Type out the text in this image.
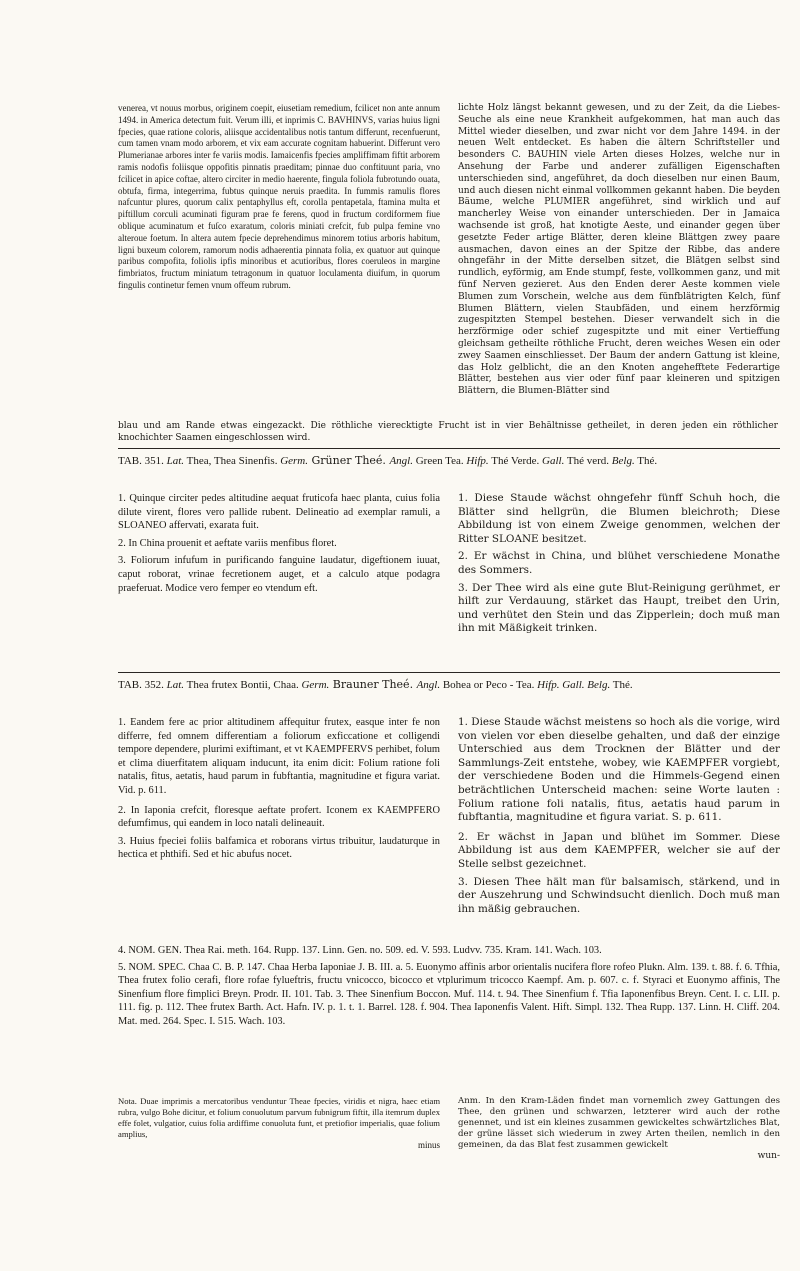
venerea, vt nouus morbus, originem coepit, eiusetiam remedium, fcilicet non ante annum 1494. in America detectum fuit. Verum illi, et inprimis C. BAVHINVS, varias huius ligni fpecies, quae ratione coloris, aliisque accidentalibus notis tantum differunt, recenfuerunt, cum tamen vnam modo arborem, et vix eam accurate cognitam habuerint. Differunt vero Plumerianae arbores inter fe variis modis. Iamaicenfis fpecies ampliffimam fiftit arborem ramis nodofis foliisque oppofitis pinnatis praeditam; pinnae duo conftituunt paria, vno fcilicet in apice coftae, altero circiter in medio haerente, fingula foliola fubrotundo ouata, obtufa, firma, integerrima, fubtus quinque neruis praedita. In fummis ramulis flores nafcuntur plures, quorum calix pentaphyllus eft, corolla pentapetala, ftamina multa et piftillum corculi acuminati figuram prae fe ferens, quod in fructum cordiformem fiue oblique acuminatum et fuſco exaratum, coloris miniati crefcit, fub pulpa femine vno alteroue foetum. In altera autem fpecie deprehendimus minorem totius arboris habitum, ligni buxeum colorem, ramorum nodis adhaerentia pinnata folia, ex quatuor aut quinque paribus compofita, foliolis ipfis minoribus et acutioribus, flores coeruleos in margine fimbriatos, fructum miniatum tetragonum in quatuor loculamenta diuifum, in quorum fingulis continetur femen vnum offeum rubrum.

lichte Holz längst bekannt gewesen, und zu der Zeit, da die Liebes-Seuche als eine neue Krankheit aufgekommen, hat man auch das Mittel wieder dieselben, und zwar nicht vor dem Jahre 1494. in der neuen Welt entdecket. Es haben die ältern Schriftsteller und besonders C. BAUHIN viele Arten dieses Holzes, welche nur in Ansehung der Farbe und anderer zufälligen Eigenschaften unterschieden sind, angeführet, da doch dieselben nur einen Baum, und auch diesen nicht einmal vollkommen gekannt haben. Die beyden Bäume, welche PLUMIER angeführet, sind wirklich und auf mancherley Weise von einander unterschieden. Der in Jamaica wachsende ist groß, hat knotigte Aeste, und einander gegen über gesetzte Feder artige Blätter, deren kleine Blättgen zwey paare ausmachen, davon eines an der Spitze der Ribbe, das andere ohngefähr in der Mitte derselben sitzet, die Blätgen selbst sind rundlich, eyförmig, am Ende stumpf, feste, vollkommen ganz, und mit fünf Nerven gezieret. Aus den Enden derer Aeste kommen viele Blumen zum Vorschein, welche aus dem fünfblätrigten Kelch, fünf Blumen Blättern, vielen Staubfäden, und einem herzförmig zugespitzten Stempel bestehen. Dieser verwandelt sich in die herzförmige oder schief zugespitzte und mit einer Vertieffung gleichsam getheilte röthliche Frucht, deren weiches Wesen ein oder zwey Saamen einschliesset. Der Baum der andern Gattung ist kleine, das Holz gelblicht, die an den Knoten angehefftete Federartige Blätter, bestehen aus vier oder fünf paar kleineren und spitzigen Blättern, die Blumen-Blätter sind

blau und am Rande etwas eingezackt. Die röthliche vierecktigte Frucht ist in vier Behältnisse getheilet, in deren jeden ein röthlicher knochichter Saamen eingeschlossen wird.

TAB. 351. Lat. Thea, Thea Sinenfis. Germ. Grüner Theé. Angl. Green Tea. Hifp. Thé Verde. Gall. Thé verd. Belg. Thé.

1. Quinque circiter pedes altitudine aequat fruticofa haec planta, cuius folia dilute virent, flores vero pallide rubent. Delineatio ad exemplar ramuli, a SLOANEO affervati, exarata fuit.

2. In China prouenit et aeftate variis menfibus floret.

3. Foliorum infufum in purificando fanguine laudatur, digeftionem iuuat, caput roborat, vrinae fecretionem auget, et a calculo atque podagra praeferuat. Modice vero femper eo vtendum eft.

1. Diese Staude wächst ohngefehr fünff Schuh hoch, die Blätter sind hellgrün, die Blumen bleichroth; Diese Abbildung ist von einem Zweige genommen, welchen der Ritter SLOANE besitzet.

2. Er wächst in China, und blühet verschiedene Monathe des Sommers.

3. Der Thee wird als eine gute Blut-Reinigung gerühmet, er hilft zur Verdauung, stärket das Haupt, treibet den Urin, und verhütet den Stein und das Zipperlein; doch muß man ihn mit Mäßigkeit trinken.

TAB. 352. Lat. Thea frutex Bontii, Chaa. Germ. Brauner Theé. Angl. Bohea or Peco - Tea. Hifp. Gall. Belg. Thé.

1. Eandem fere ac prior altitudinem affequitur frutex, easque inter fe non differre, fed omnem differentiam a foliorum exficcatione et colligendi tempore dependere, plurimi exiftimant, et vt KAEMPFERVS perhibet, folum et clima diuerfitatem aliquam inducunt, ita enim dicit: Folium ratione foli natalis, fitus, aetatis, haud parum in fubftantia, magnitudine et figura variat. Vid. p. 611.

2. In Iaponia crefcit, floresque aeftate profert. Iconem ex KAEMPFERO defumfimus, qui eandem in loco natali delineauit.

3. Huius fpeciei foliis balfamica et roborans virtus tribuitur, laudaturque in hectica et phthifi. Sed et hic abufus nocet.

1. Diese Staude wächst meistens so hoch als die vorige, wird von vielen vor eben dieselbe gehalten, und daß der einzige Unterschied aus dem Trocknen der Blätter und der Sammlungs-Zeit entstehe, wobey, wie KAEMPFER vorgiebt, der verschiedene Boden und die Himmels-Gegend einen beträchtlichen Unterscheid machen: seine Worte lauten : Folium ratione foli natalis, fitus, aetatis haud parum in fubftantia, magnitudine et figura variat. S. p. 611.

2. Er wächst in Japan und blühet im Sommer. Diese Abbildung ist aus dem KAEMPFER, welcher sie auf der Stelle selbst gezeichnet.

3. Diesen Thee hält man für balsamisch, stärkend, und in der Auszehrung und Schwindsucht dienlich. Doch muß man ihn mäßig gebrauchen.

4. NOM. GEN. Thea Rai. meth. 164. Rupp. 137. Linn. Gen. no. 509. ed. V. 593. Ludvv. 735. Kram. 141. Wach. 103.

5. NOM. SPEC. Chaa C. B. P. 147. Chaa Herba Iaponiae J. B. III. a. 5. Euonymo affinis arbor orientalis nucifera flore rofeo Plukn. Alm. 139. t. 88. f. 6. Tfhia, Thea frutex folio cerafi, flore rofae fylueftris, fructu vnicocco, bicocco et vtplurimum tricocco Kaempf. Am. p. 607. c. f. Styraci et Euonymo affinis, The Sinenfium flore fimplici Breyn. Prodr. II. 101. Tab. 3. Thee Sinenfium Boccon. Muf. 114. t. 94. Thee Sinenfium f. Tfia Iaponenfibus Breyn. Cent. I. c. LII. p. 111. fig. p. 112. Thee frutex Barth. Act. Hafn. IV. p. 1. t. 1. Barrel. 128. f. 904. Thea Iaponenfis Valent. Hift. Simpl. 132. Thea Rupp. 137. Linn. H. Cliff. 204. Mat. med. 264. Spec. I. 515. Wach. 103.

Nota. Duae imprimis a mercatoribus venduntur Theae fpecies, viridis et nigra, haec etiam rubra, vulgo Bohe dicitur, et folium conuolutum parvum fubnigrum fiftit, illa itemrum duplex effe folet, vulgatior, cuius folia ardiffime conuoluta funt, et pretiofior imperialis, quae folium amplius,

minus

Anm. In den Kram-Läden findet man vornemlich zwey Gattungen des Thee, den grünen und schwarzen, letzterer wird auch der rothe genennet, und ist ein kleines zusammen gewickeltes schwärtzliches Blat, der grüne lässet sich wiederum in zwey Arten theilen, nemlich in den gemeinen, da das Blat fest zusammen gewickelt

wun-
